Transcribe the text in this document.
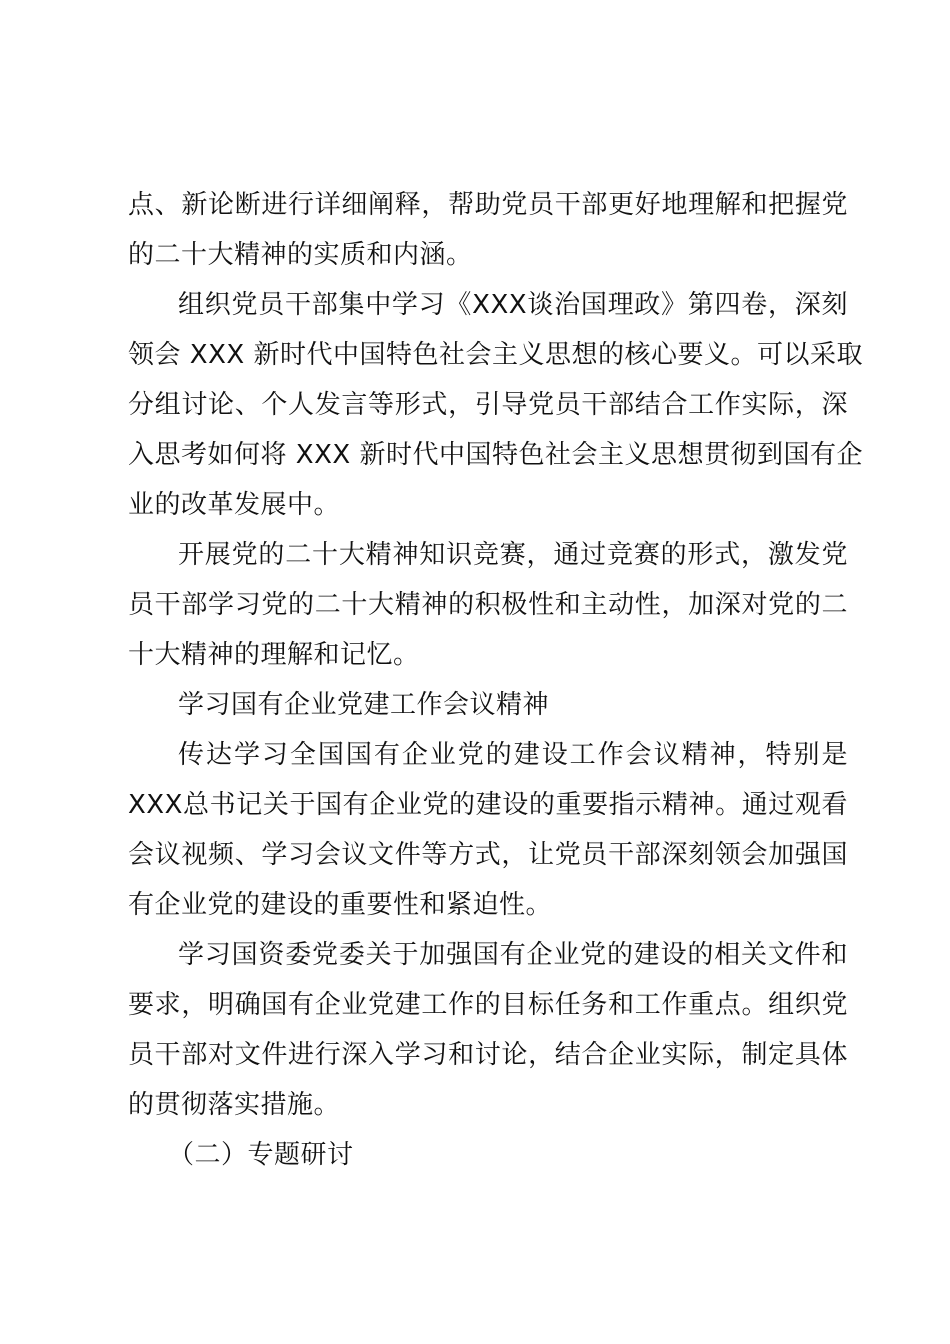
点、新论断进行详细阐释，帮助党员干部更好地理解和把握党

的二十大精神的实质和内涵。

组织党员干部集中学习《XXX谈治国理政》第四卷，深刻

领会 XXX 新时代中国特色社会主义思想的核心要义。可以采取

分组讨论、个人发言等形式，引导党员干部结合工作实际，深

入思考如何将 XXX 新时代中国特色社会主义思想贯彻到国有企

业的改革发展中。

开展党的二十大精神知识竞赛，通过竞赛的形式，激发党

员干部学习党的二十大精神的积极性和主动性，加深对党的二

十大精神的理解和记忆。

学习国有企业党建工作会议精神

传达学习全国国有企业党的建设工作会议精神，特别是

XXX总书记关于国有企业党的建设的重要指示精神。通过观看

会议视频、学习会议文件等方式，让党员干部深刻领会加强国

有企业党的建设的重要性和紧迫性。

学习国资委党委关于加强国有企业党的建设的相关文件和

要求，明确国有企业党建工作的目标任务和工作重点。组织党

员干部对文件进行深入学习和讨论，结合企业实际，制定具体

的贯彻落实措施。

（二）专题研讨
